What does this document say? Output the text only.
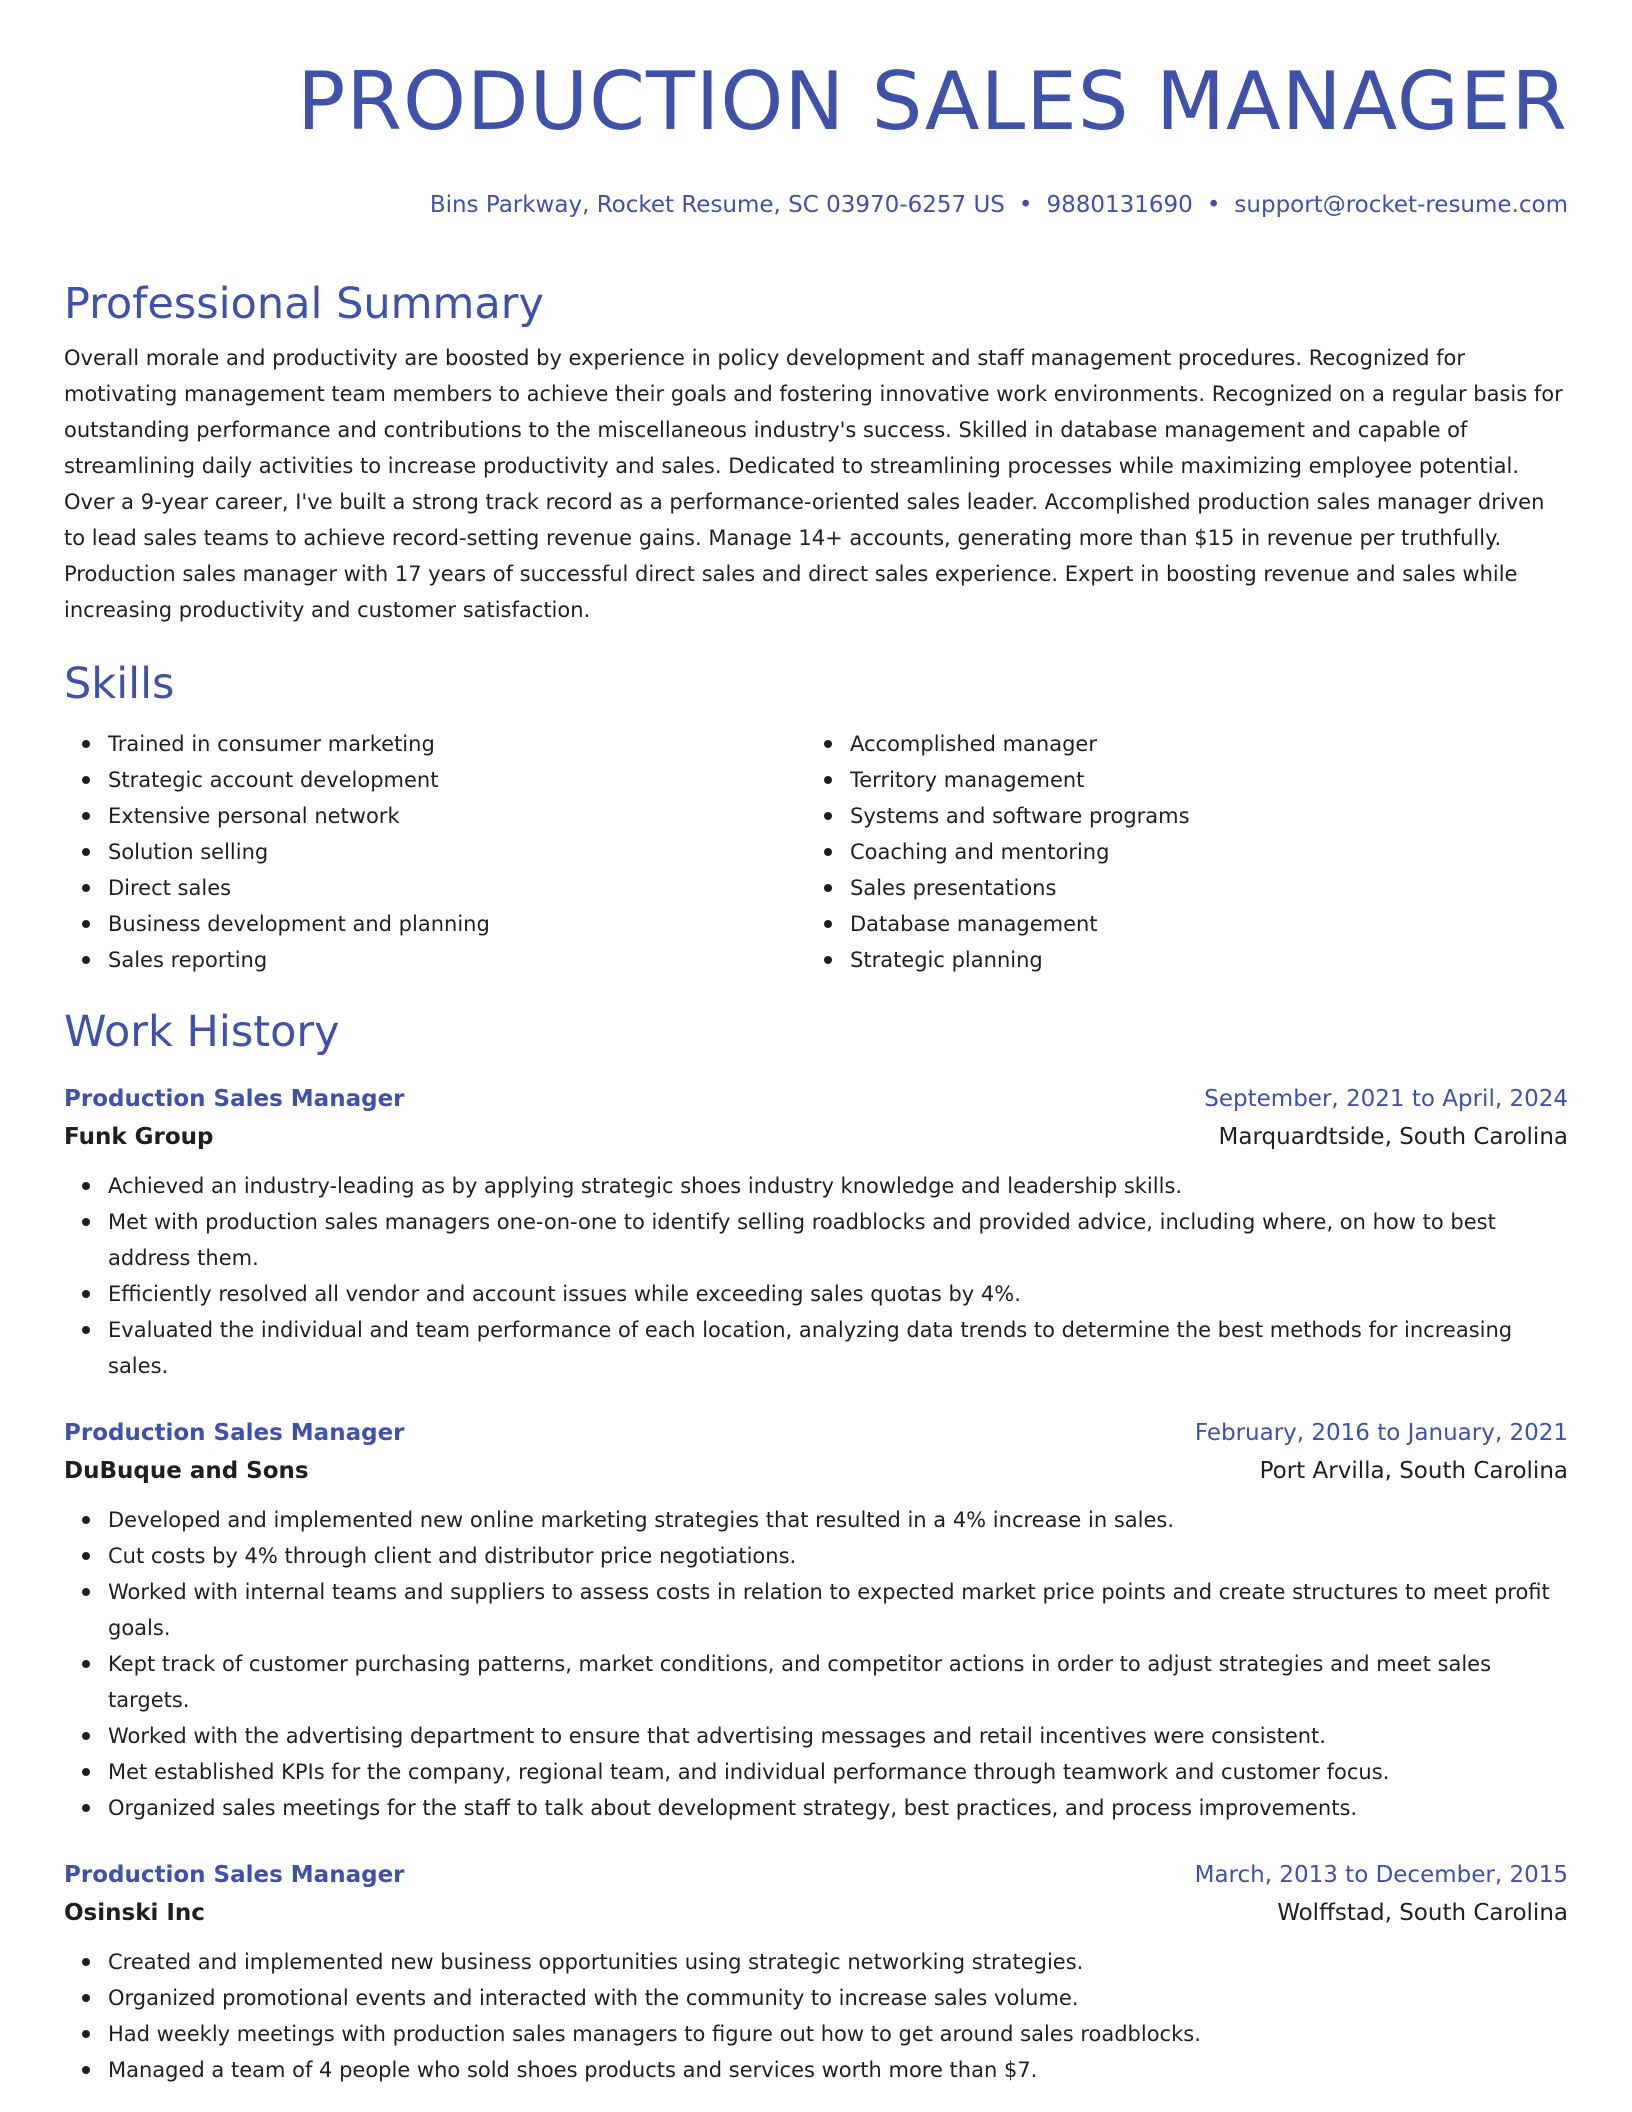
PRODUCTION SALES MANAGER
Bins Parkway, Rocket Resume, SC 03970-6257 US • 9880131690 • support@rocket-resume.com
Professional Summary

Overall morale and productivity are boosted by experience in policy development and staff management procedures. Recognized for motivating management team members to achieve their goals and fostering innovative work environments. Recognized on a regular basis for outstanding performance and contributions to the miscellaneous industry's success. Skilled in database management and capable of streamlining daily activities to increase productivity and sales. Dedicated to streamlining processes while maximizing employee potential. Over a 9-year career, I've built a strong track record as a performance-oriented sales leader. Accomplished production sales manager driven to lead sales teams to achieve record-setting revenue gains. Manage 14+ accounts, generating more than $15 in revenue per truthfully. Production sales manager with 17 years of successful direct sales and direct sales experience. Expert in boosting revenue and sales while increasing productivity and customer satisfaction.

Skills
Trained in consumer marketing
Strategic account development
Extensive personal network
Solution selling
Direct sales
Business development and planning
Sales reporting
Accomplished manager
Territory management
Systems and software programs
Coaching and mentoring
Sales presentations
Database management
Strategic planning
Work History
Production Sales Manager	September, 2021 to April, 2024
Funk Group	Marquardtside, South Carolina
Achieved an industry-leading as by applying strategic shoes industry knowledge and leadership skills.
Met with production sales managers one-on-one to identify selling roadblocks and provided advice, including where, on how to best address them.
Efficiently resolved all vendor and account issues while exceeding sales quotas by 4%.
Evaluated the individual and team performance of each location, analyzing data trends to determine the best methods for increasing sales.
Production Sales Manager	February, 2016 to January, 2021
DuBuque and Sons	Port Arvilla, South Carolina
Developed and implemented new online marketing strategies that resulted in a 4% increase in sales.
Cut costs by 4% through client and distributor price negotiations.
Worked with internal teams and suppliers to assess costs in relation to expected market price points and create structures to meet profit goals.
Kept track of customer purchasing patterns, market conditions, and competitor actions in order to adjust strategies and meet sales targets.
Worked with the advertising department to ensure that advertising messages and retail incentives were consistent.
Met established KPIs for the company, regional team, and individual performance through teamwork and customer focus.
Organized sales meetings for the staff to talk about development strategy, best practices, and process improvements.
Production Sales Manager	March, 2013 to December, 2015
Osinski Inc	Wolffstad, South Carolina
Created and implemented new business opportunities using strategic networking strategies.
Organized promotional events and interacted with the community to increase sales volume.
Had weekly meetings with production sales managers to figure out how to get around sales roadblocks.
Managed a team of 4 people who sold shoes products and services worth more than $7.
